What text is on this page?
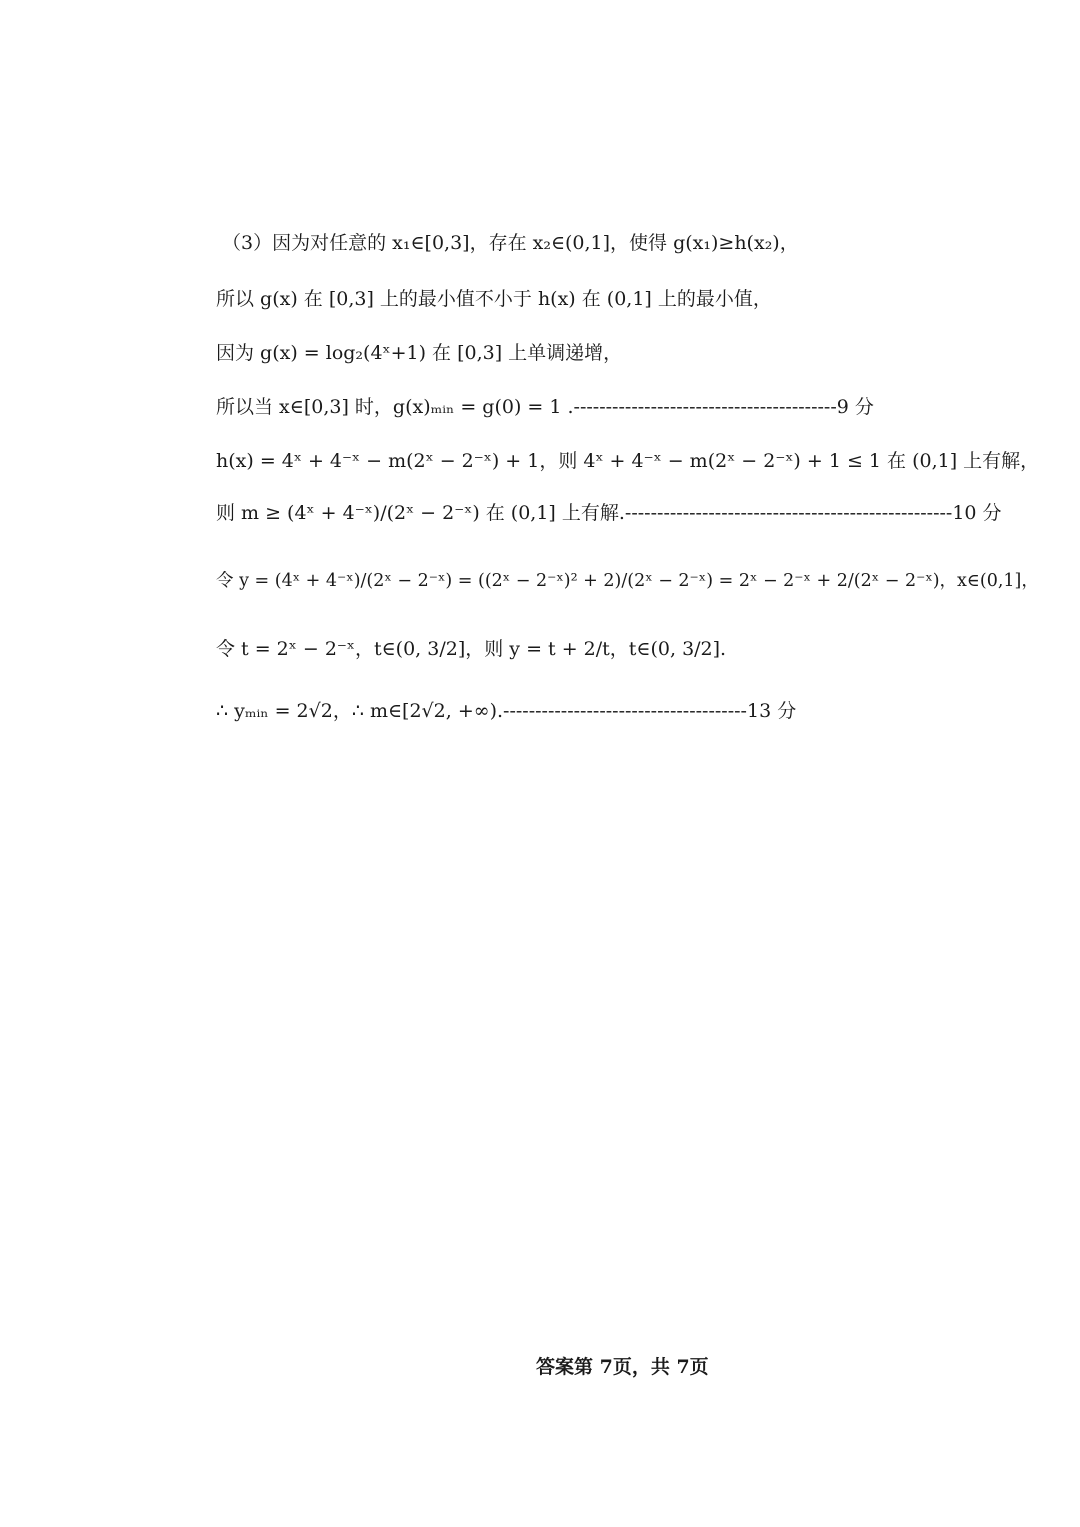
（3）因为对任意的 x₁∈[0,3]，存在 x₂∈(0,1]，使得 g(x₁)≥h(x₂)，
所以 g(x) 在 [0,3] 上的最小值不小于 h(x) 在 (0,1] 上的最小值，
因为 g(x) = log₂(4ˣ+1) 在 [0,3] 上单调递增，
所以当 x∈[0,3] 时，g(x)ₘᵢₙ = g(0) = 1 .-----------------------------------------9 分
h(x) = 4ˣ + 4⁻ˣ − m(2ˣ − 2⁻ˣ) + 1，则 4ˣ + 4⁻ˣ − m(2ˣ − 2⁻ˣ) + 1 ≤ 1 在 (0,1] 上有解，
则 m ≥ (4ˣ + 4⁻ˣ)/(2ˣ − 2⁻ˣ) 在 (0,1] 上有解.---------------------------------------------------10 分
令 y = (4ˣ + 4⁻ˣ)/(2ˣ − 2⁻ˣ) = ((2ˣ − 2⁻ˣ)² + 2)/(2ˣ − 2⁻ˣ) = 2ˣ − 2⁻ˣ + 2/(2ˣ − 2⁻ˣ)，x∈(0,1]，
令 t = 2ˣ − 2⁻ˣ，t∈(0, 3/2]，则 y = t + 2/t，t∈(0, 3/2].
∴ yₘᵢₙ = 2√2，∴ m∈[2√2, +∞).--------------------------------------13 分
答案第 7页，共 7页
